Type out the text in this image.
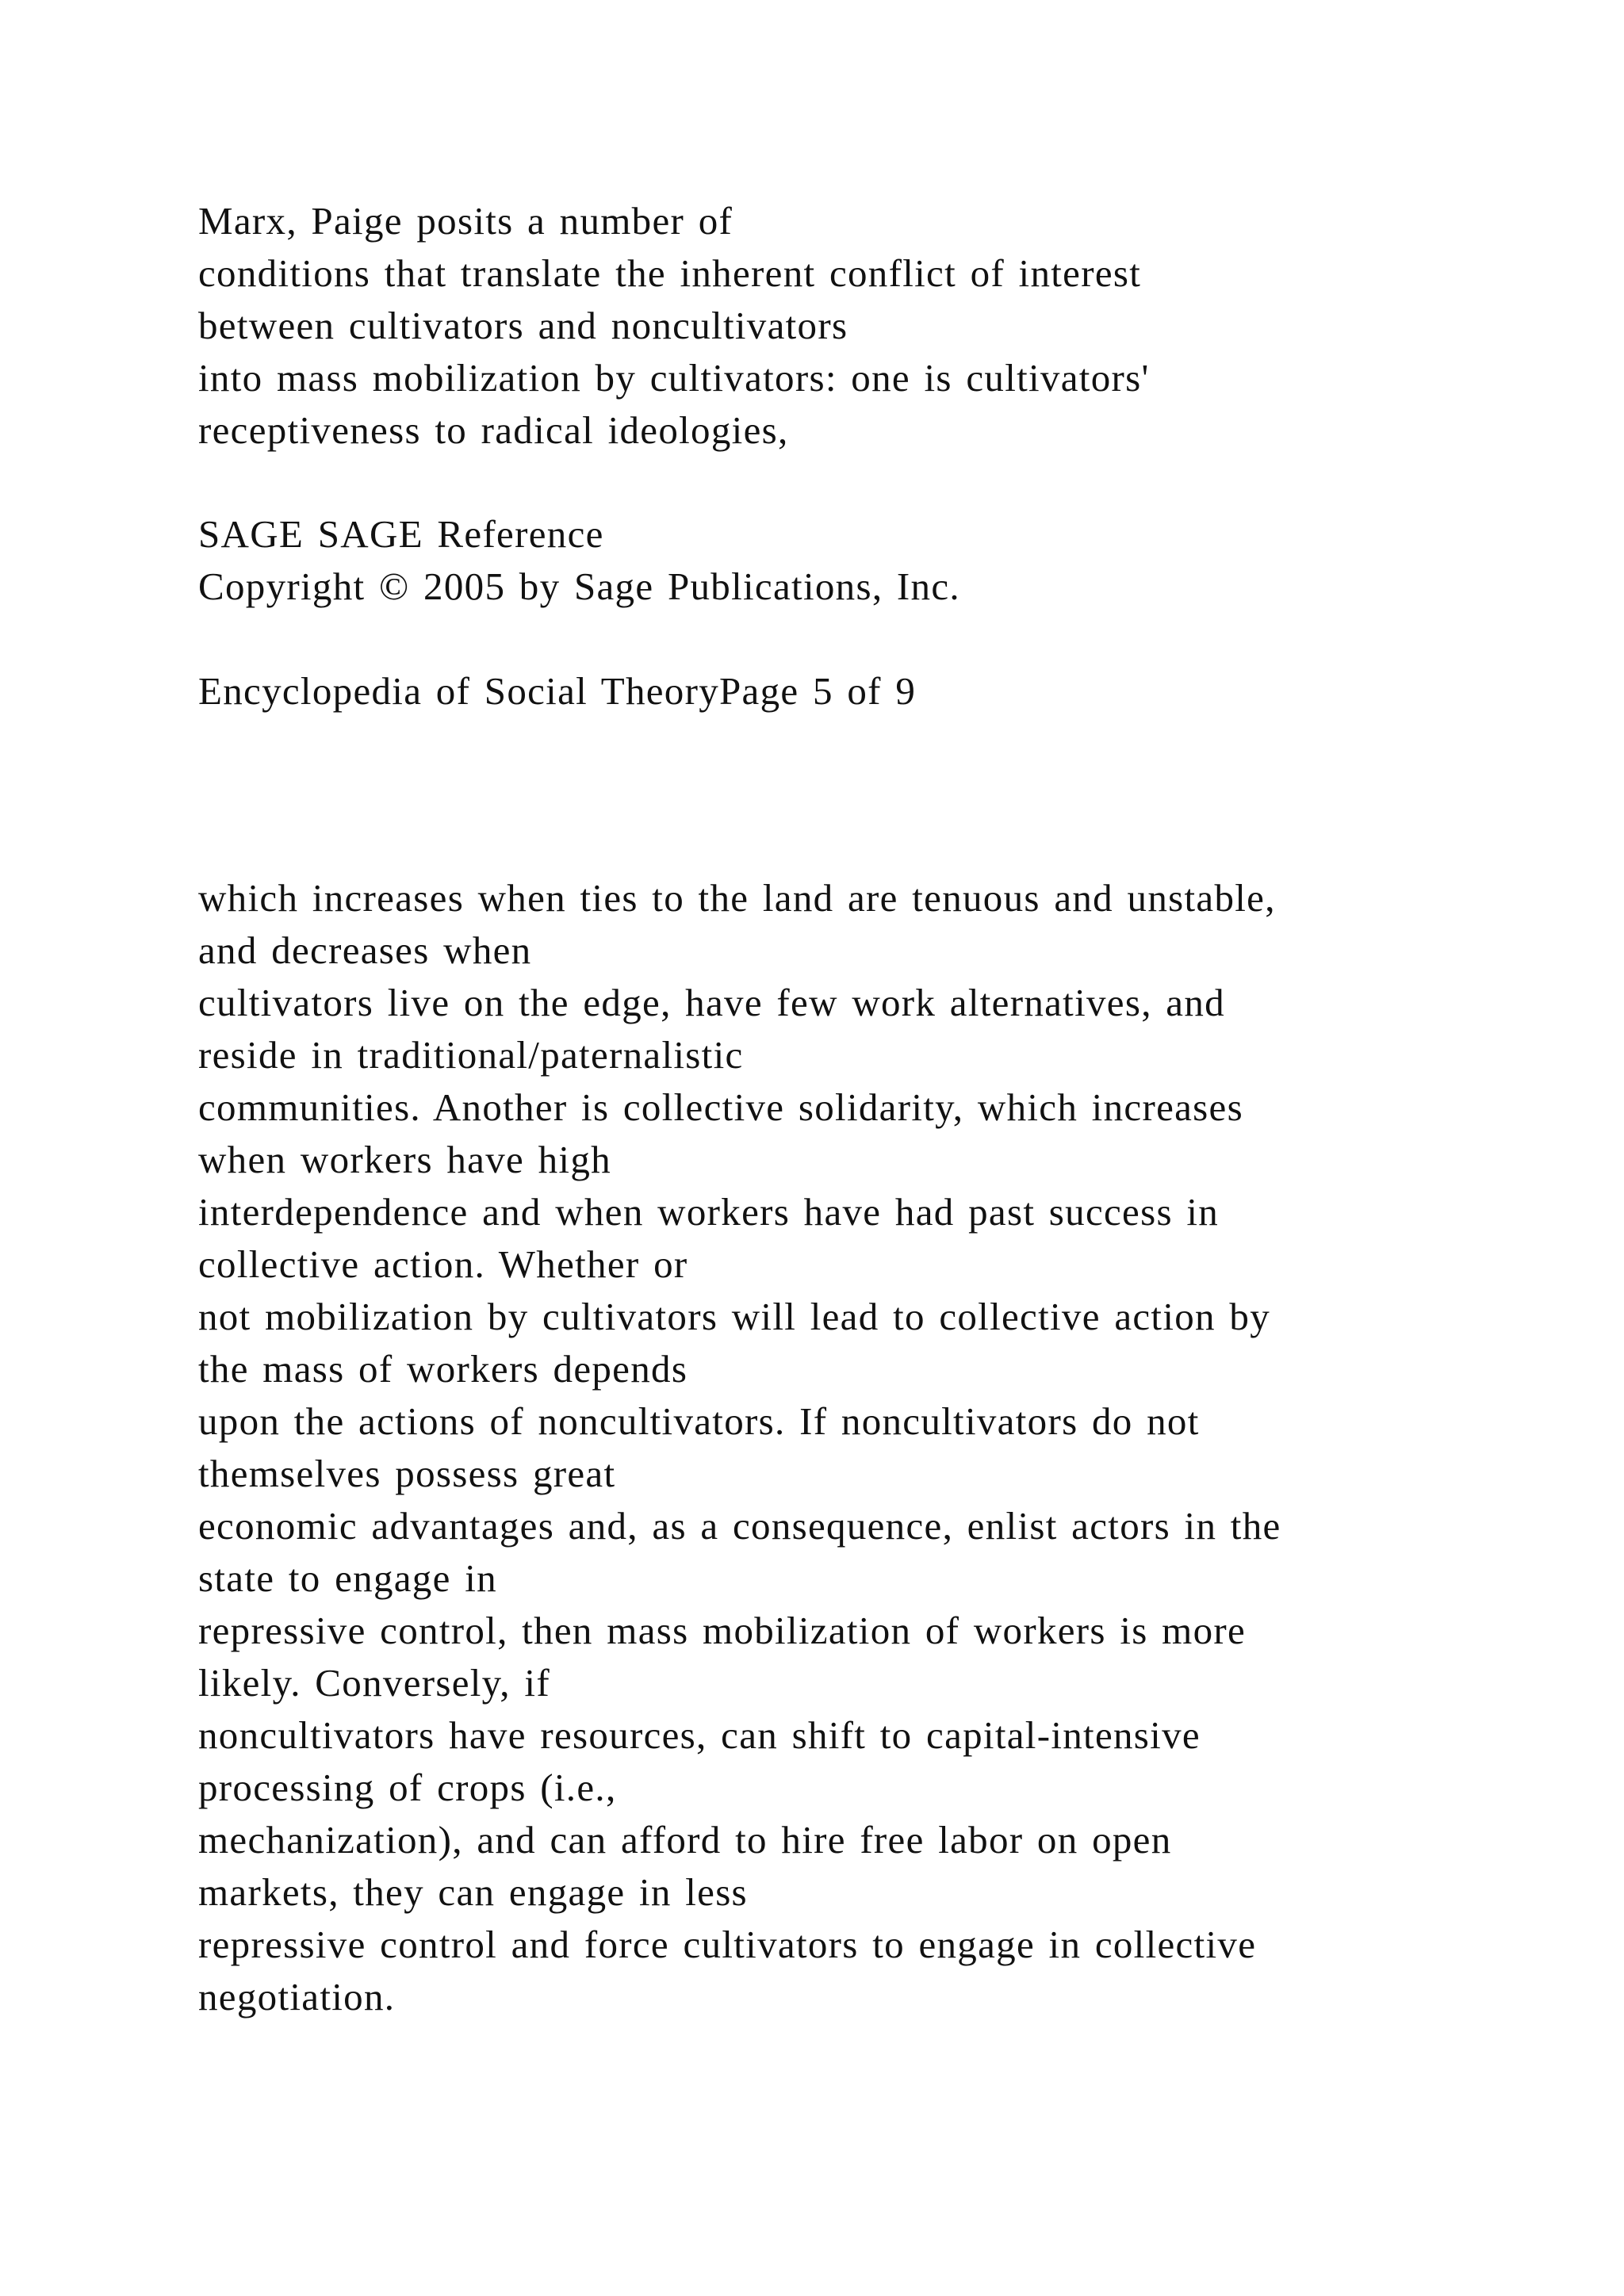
Marx, Paige posits a number of
conditions that translate the inherent conflict of interest
between cultivators and noncultivators
into mass mobilization by cultivators: one is cultivators'
receptiveness to radical ideologies,
SAGE SAGE Reference
Copyright © 2005 by Sage Publications, Inc.
Encyclopedia of Social TheoryPage 5 of 9
which increases when ties to the land are tenuous and unstable,
and decreases when
cultivators live on the edge, have few work alternatives, and
reside in traditional/paternalistic
communities. Another is collective solidarity, which increases
when workers have high
interdependence and when workers have had past success in
collective action. Whether or
not mobilization by cultivators will lead to collective action by
the mass of workers depends
upon the actions of noncultivators. If noncultivators do not
themselves possess great
economic advantages and, as a consequence, enlist actors in the
state to engage in
repressive control, then mass mobilization of workers is more
likely. Conversely, if
noncultivators have resources, can shift to capital-intensive
processing of crops (i.e.,
mechanization), and can afford to hire free labor on open
markets, they can engage in less
repressive control and force cultivators to engage in collective
negotiation.
